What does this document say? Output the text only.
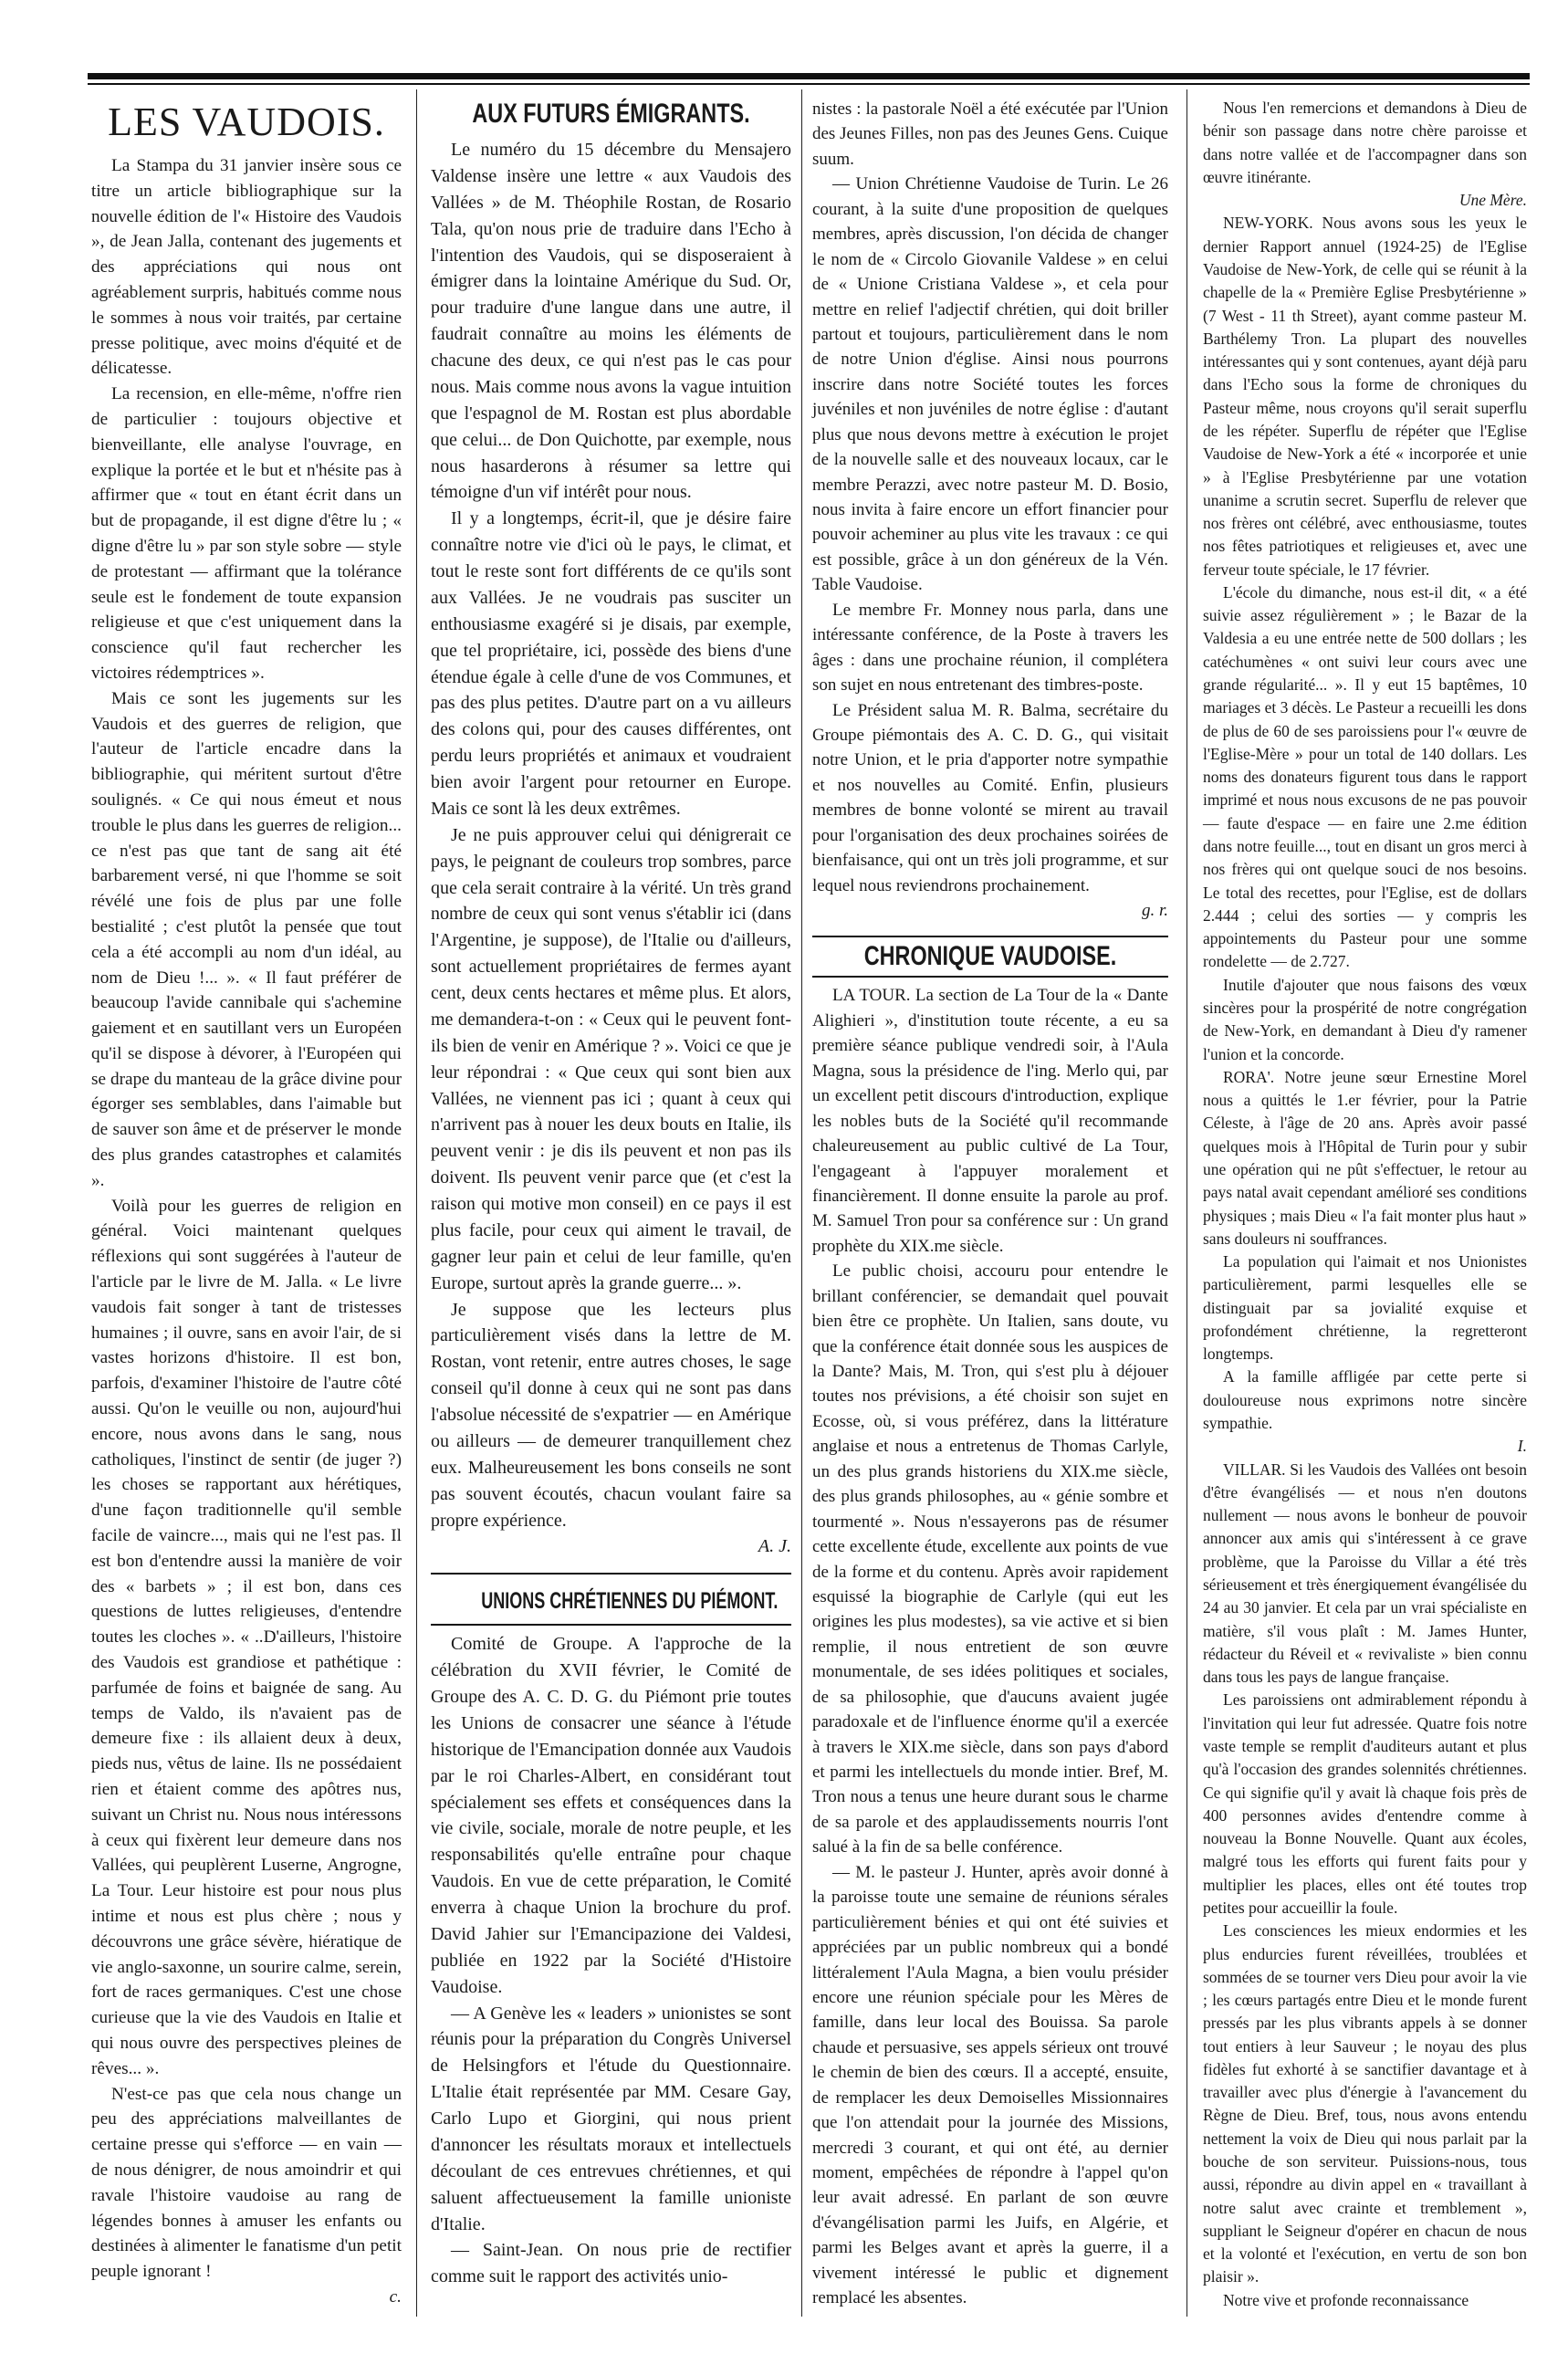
LES VAUDOIS.

La Stampa du 31 janvier insère sous ce titre un article bibliographique sur la nouvelle édition de l'« Histoire des Vaudois », de Jean Jalla, contenant des jugements et des appréciations qui nous ont agréablement surpris, habitués comme nous le sommes à nous voir traités, par certaine presse politique, avec moins d'équité et de délicatesse.

La recension, en elle-même, n'offre rien de particulier : toujours objective et bienveillante, elle analyse l'ouvrage, en explique la portée et le but et n'hésite pas à affirmer que « tout en étant écrit dans un but de propagande, il est digne d'être lu ; « digne d'être lu » par son style sobre — style de protestant — affirmant que la tolérance seule est le fondement de toute expansion religieuse et que c'est uniquement dans la conscience qu'il faut rechercher les victoires rédemptrices ».

Mais ce sont les jugements sur les Vaudois et des guerres de religion, que l'auteur de l'article encadre dans la bibliographie, qui méritent surtout d'être soulignés. « Ce qui nous émeut et nous trouble le plus dans les guerres de religion... ce n'est pas que tant de sang ait été barbarement versé, ni que l'homme se soit révélé une fois de plus par une folle bestialité ; c'est plutôt la pensée que tout cela a été accompli au nom d'un idéal, au nom de Dieu !... ». « Il faut préférer de beaucoup l'avide cannibale qui s'achemine gaiement et en sautillant vers un Européen qu'il se dispose à dévorer, à l'Européen qui se drape du manteau de la grâce divine pour égorger ses semblables, dans l'aimable but de sauver son âme et de préserver le monde des plus grandes catastrophes et calamités ».

Voilà pour les guerres de religion en général. Voici maintenant quelques réflexions qui sont suggérées à l'auteur de l'article par le livre de M. Jalla. « Le livre vaudois fait songer à tant de tristesses humaines ; il ouvre, sans en avoir l'air, de si vastes horizons d'histoire. Il est bon, parfois, d'examiner l'histoire de l'autre côté aussi. Qu'on le veuille ou non, aujourd'hui encore, nous avons dans le sang, nous catholiques, l'instinct de sentir (de juger ?) les choses se rapportant aux hérétiques, d'une façon traditionnelle qu'il semble facile de vaincre..., mais qui ne l'est pas. Il est bon d'entendre aussi la manière de voir des « barbets » ; il est bon, dans ces questions de luttes religieuses, d'entendre toutes les cloches ». « ..D'ailleurs, l'histoire des Vaudois est grandiose et pathétique : parfumée de foins et baignée de sang. Au temps de Valdo, ils n'avaient pas de demeure fixe : ils allaient deux à deux, pieds nus, vêtus de laine. Ils ne possédaient rien et étaient comme des apôtres nus, suivant un Christ nu. Nous nous intéressons à ceux qui fixèrent leur demeure dans nos Vallées, qui peuplèrent Luserne, Angrogne, La Tour. Leur histoire est pour nous plus intime et nous est plus chère ; nous y découvrons une grâce sévère, hiératique de vie anglo-saxonne, un sourire calme, serein, fort de races germaniques. C'est une chose curieuse que la vie des Vaudois en Italie et qui nous ouvre des perspectives pleines de rêves... ».

N'est-ce pas que cela nous change un peu des appréciations malveillantes de certaine presse qui s'efforce — en vain — de nous dénigrer, de nous amoindrir et qui ravale l'histoire vaudoise au rang de légendes bonnes à amuser les enfants ou destinées à alimenter le fanatisme d'un petit peuple ignorant !

c.
AUX FUTURS ÉMIGRANTS.

Le numéro du 15 décembre du Mensajero Valdense insère une lettre « aux Vaudois des Vallées » de M. Théophile Rostan, de Rosario Tala, qu'on nous prie de traduire dans l'Echo à l'intention des Vaudois, qui se disposeraient à émigrer dans la lointaine Amérique du Sud. Or, pour traduire d'une langue dans une autre, il faudrait connaître au moins les éléments de chacune des deux, ce qui n'est pas le cas pour nous. Mais comme nous avons la vague intuition que l'espagnol de M. Rostan est plus abordable que celui... de Don Quichotte, par exemple, nous nous hasarderons à résumer sa lettre qui témoigne d'un vif intérêt pour nous.

Il y a longtemps, écrit-il, que je désire faire connaître notre vie d'ici où le pays, le climat, et tout le reste sont fort différents de ce qu'ils sont aux Vallées. Je ne voudrais pas susciter un enthousiasme exagéré si je disais, par exemple, que tel propriétaire, ici, possède des biens d'une étendue égale à celle d'une de vos Communes, et pas des plus petites. D'autre part on a vu ailleurs des colons qui, pour des causes différentes, ont perdu leurs propriétés et animaux et voudraient bien avoir l'argent pour retourner en Europe. Mais ce sont là les deux extrêmes.

Je ne puis approuver celui qui dénigrerait ce pays, le peignant de couleurs trop sombres, parce que cela serait contraire à la vérité. Un très grand nombre de ceux qui sont venus s'établir ici (dans l'Argentine, je suppose), de l'Italie ou d'ailleurs, sont actuellement propriétaires de fermes ayant cent, deux cents hectares et même plus. Et alors, me demandera-t-on : « Ceux qui le peuvent font-ils bien de venir en Amérique ? ». Voici ce que je leur répondrai : « Que ceux qui sont bien aux Vallées, ne viennent pas ici ; quant à ceux qui n'arrivent pas à nouer les deux bouts en Italie, ils peuvent venir : je dis ils peuvent et non pas ils doivent. Ils peuvent venir parce que (et c'est la raison qui motive mon conseil) en ce pays il est plus facile, pour ceux qui aiment le travail, de gagner leur pain et celui de leur famille, qu'en Europe, surtout après la grande guerre... ».

Je suppose que les lecteurs plus particulièrement visés dans la lettre de M. Rostan, vont retenir, entre autres choses, le sage conseil qu'il donne à ceux qui ne sont pas dans l'absolue nécessité de s'expatrier — en Amérique ou ailleurs — de demeurer tranquillement chez eux. Malheureusement les bons conseils ne sont pas souvent écoutés, chacun voulant faire sa propre expérience.

A. J.
UNIONS CHRÉTIENNES DU PIÉMONT.

Comité de Groupe. A l'approche de la célébration du XVII février, le Comité de Groupe des A. C. D. G. du Piémont prie toutes les Unions de consacrer une séance à l'étude historique de l'Emancipation donnée aux Vaudois par le roi Charles-Albert, en considérant tout spécialement ses effets et conséquences dans la vie civile, sociale, morale de notre peuple, et les responsabilités qu'elle entraîne pour chaque Vaudois. En vue de cette préparation, le Comité enverra à chaque Union la brochure du prof. David Jahier sur l'Emancipazione dei Valdesi, publiée en 1922 par la Société d'Histoire Vaudoise.

— A Genève les « leaders » unionistes se sont réunis pour la préparation du Congrès Universel de Helsingfors et l'étude du Questionnaire. L'Italie était représentée par MM. Cesare Gay, Carlo Lupo et Giorgini, qui nous prient d'annoncer les résultats moraux et intellectuels découlant de ces entrevues chrétiennes, et qui saluent affectueusement la famille unioniste d'Italie.

— Saint-Jean. On nous prie de rectifier comme suit le rapport des activités unio-

nistes : la pastorale Noël a été exécutée par l'Union des Jeunes Filles, non pas des Jeunes Gens. Cuique suum.

— Union Chrétienne Vaudoise de Turin. Le 26 courant, à la suite d'une proposition de quelques membres, après discussion, l'on décida de changer le nom de « Circolo Giovanile Valdese » en celui de « Unione Cristiana Valdese », et cela pour mettre en relief l'adjectif chrétien, qui doit briller partout et toujours, particulièrement dans le nom de notre Union d'église. Ainsi nous pourrons inscrire dans notre Société toutes les forces juvéniles et non juvéniles de notre église : d'autant plus que nous devons mettre à exécution le projet de la nouvelle salle et des nouveaux locaux, car le membre Perazzi, avec notre pasteur M. D. Bosio, nous invita à faire encore un effort financier pour pouvoir acheminer au plus vite les travaux : ce qui est possible, grâce à un don généreux de la Vén. Table Vaudoise.

Le membre Fr. Monney nous parla, dans une intéressante conférence, de la Poste à travers les âges : dans une prochaine réunion, il complétera son sujet en nous entretenant des timbres-poste.

Le Président salua M. R. Balma, secrétaire du Groupe piémontais des A. C. D. G., qui visitait notre Union, et le pria d'apporter notre sympathie et nos nouvelles au Comité. Enfin, plusieurs membres de bonne volonté se mirent au travail pour l'organisation des deux prochaines soirées de bienfaisance, qui ont un très joli programme, et sur lequel nous reviendrons prochainement.

g. r.
CHRONIQUE VAUDOISE.

LA TOUR. La section de La Tour de la « Dante Alighieri », d'institution toute récente, a eu sa première séance publique vendredi soir, à l'Aula Magna, sous la présidence de l'ing. Merlo qui, par un excellent petit discours d'introduction, explique les nobles buts de la Société qu'il recommande chaleureusement au public cultivé de La Tour, l'engageant à l'appuyer moralement et financièrement. Il donne ensuite la parole au prof. M. Samuel Tron pour sa conférence sur : Un grand prophète du XIX.me siècle.

Le public choisi, accouru pour entendre le brillant conférencier, se demandait quel pouvait bien être ce prophète. Un Italien, sans doute, vu que la conférence était donnée sous les auspices de la Dante? Mais, M. Tron, qui s'est plu à déjouer toutes nos prévisions, a été choisir son sujet en Ecosse, où, si vous préférez, dans la littérature anglaise et nous a entretenus de Thomas Carlyle, un des plus grands historiens du XIX.me siècle, des plus grands philosophes, au « génie sombre et tourmenté ». Nous n'essayerons pas de résumer cette excellente étude, excellente aux points de vue de la forme et du contenu. Après avoir rapidement esquissé la biographie de Carlyle (qui eut les origines les plus modestes), sa vie active et si bien remplie, il nous entretient de son œuvre monumentale, de ses idées politiques et sociales, de sa philosophie, que d'aucuns avaient jugée paradoxale et de l'influence énorme qu'il a exercée à travers le XIX.me siècle, dans son pays d'abord et parmi les intellectuels du monde intier. Bref, M. Tron nous a tenus une heure durant sous le charme de sa parole et des applaudissements nourris l'ont salué à la fin de sa belle conférence.

— M. le pasteur J. Hunter, après avoir donné à la paroisse toute une semaine de réunions sérales particulièrement bénies et qui ont été suivies et appréciées par un public nombreux qui a bondé littéralement l'Aula Magna, a bien voulu présider encore une réunion spéciale pour les Mères de famille, dans leur local des Bouissa. Sa parole chaude et persuasive, ses appels sérieux ont trouvé le chemin de bien des cœurs. Il a accepté, ensuite, de remplacer les deux Demoiselles Missionnaires que l'on attendait pour la journée des Missions, mercredi 3 courant, et qui ont été, au dernier moment, empêchées de répondre à l'appel qu'on leur avait adressé. En parlant de son œuvre d'évangélisation parmi les Juifs, en Algérie, et parmi les Belges avant et après la guerre, il a vivement intéressé le public et dignement remplacé les absentes.

Nous l'en remercions et demandons à Dieu de bénir son passage dans notre chère paroisse et dans notre vallée et de l'accompagner dans son œuvre itinérante.

Une Mère.

NEW-YORK. Nous avons sous les yeux le dernier Rapport annuel (1924-25) de l'Eglise Vaudoise de New-York, de celle qui se réunit à la chapelle de la « Première Eglise Presbytérienne » (7 West - 11 th Street), ayant comme pasteur M. Barthélemy Tron. La plupart des nouvelles intéressantes qui y sont contenues, ayant déjà paru dans l'Echo sous la forme de chroniques du Pasteur même, nous croyons qu'il serait superflu de les répéter. Superflu de répéter que l'Eglise Vaudoise de New-York a été « incorporée et unie » à l'Eglise Presbytérienne par une votation unanime a scrutin secret. Superflu de relever que nos frères ont célébré, avec enthousiasme, toutes nos fêtes patriotiques et religieuses et, avec une ferveur toute spéciale, le 17 février.

L'école du dimanche, nous est-il dit, « a été suivie assez régulièrement » ; le Bazar de la Valdesia a eu une entrée nette de 500 dollars ; les catéchumènes « ont suivi leur cours avec une grande régularité... ». Il y eut 15 baptêmes, 10 mariages et 3 décès. Le Pasteur a recueilli les dons de plus de 60 de ses paroissiens pour l'« œuvre de l'Eglise-Mère » pour un total de 140 dollars. Les noms des donateurs figurent tous dans le rapport imprimé et nous nous excusons de ne pas pouvoir — faute d'espace — en faire une 2.me édition dans notre feuille..., tout en disant un gros merci à nos frères qui ont quelque souci de nos besoins. Le total des recettes, pour l'Eglise, est de dollars 2.444 ; celui des sorties — y compris les appointements du Pasteur pour une somme rondelette — de 2.727.

Inutile d'ajouter que nous faisons des vœux sincères pour la prospérité de notre congrégation de New-York, en demandant à Dieu d'y ramener l'union et la concorde.

RORA'. Notre jeune sœur Ernestine Morel nous a quittés le 1.er février, pour la Patrie Céleste, à l'âge de 20 ans. Après avoir passé quelques mois à l'Hôpital de Turin pour y subir une opération qui ne pût s'effectuer, le retour au pays natal avait cependant amélioré ses conditions physiques ; mais Dieu « l'a fait monter plus haut » sans douleurs ni souffrances.

La population qui l'aimait et nos Unionistes particulièrement, parmi lesquelles elle se distinguait par sa jovialité exquise et profondément chrétienne, la regretteront longtemps.

A la famille affligée par cette perte si douloureuse nous exprimons notre sincère sympathie.

I.

VILLAR. Si les Vaudois des Vallées ont besoin d'être évangélisés — et nous n'en doutons nullement — nous avons le bonheur de pouvoir annoncer aux amis qui s'intéressent à ce grave problème, que la Paroisse du Villar a été très sérieusement et très énergiquement évangélisée du 24 au 30 janvier. Et cela par un vrai spécialiste en matière, s'il vous plaît : M. James Hunter, rédacteur du Réveil et « revivaliste » bien connu dans tous les pays de langue française.

Les paroissiens ont admirablement répondu à l'invitation qui leur fut adressée. Quatre fois notre vaste temple se remplit d'auditeurs autant et plus qu'à l'occasion des grandes solennités chrétiennes. Ce qui signifie qu'il y avait là chaque fois près de 400 personnes avides d'entendre comme à nouveau la Bonne Nouvelle. Quant aux écoles, malgré tous les efforts qui furent faits pour y multiplier les places, elles ont été toutes trop petites pour accueillir la foule.

Les consciences les mieux endormies et les plus endurcies furent réveillées, troublées et sommées de se tourner vers Dieu pour avoir la vie ; les cœurs partagés entre Dieu et le monde furent pressés par les plus vibrants appels à se donner tout entiers à leur Sauveur ; le noyau des plus fidèles fut exhorté à se sanctifier davantage et à travailler avec plus d'énergie à l'avancement du Règne de Dieu. Bref, tous, nous avons entendu nettement la voix de Dieu qui nous parlait par la bouche de son serviteur. Puissions-nous, tous aussi, répondre au divin appel en « travaillant à notre salut avec crainte et tremblement », suppliant le Seigneur d'opérer en chacun de nous et la volonté et l'exécution, en vertu de son bon plaisir ».

Notre vive et profonde reconnaissance
